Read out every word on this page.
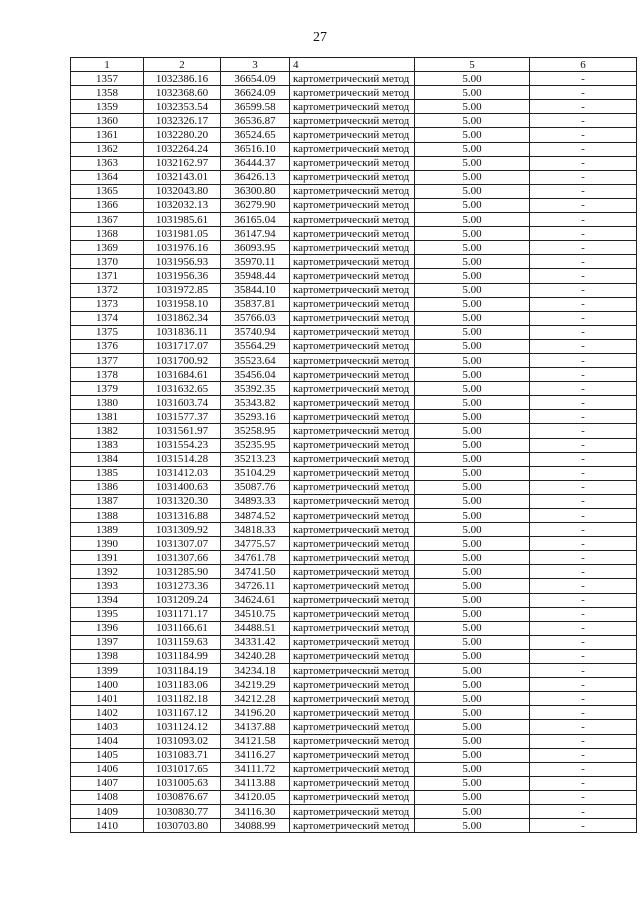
27
1	2	3	4	5	6
1357	1032386.16	36654.09	картометрический метод	5.00	-
1358	1032368.60	36624.09	картометрический метод	5.00	-
1359	1032353.54	36599.58	картометрический метод	5.00	-
1360	1032326.17	36536.87	картометрический метод	5.00	-
1361	1032280.20	36524.65	картометрический метод	5.00	-
1362	1032264.24	36516.10	картометрический метод	5.00	-
1363	1032162.97	36444.37	картометрический метод	5.00	-
1364	1032143.01	36426.13	картометрический метод	5.00	-
1365	1032043.80	36300.80	картометрический метод	5.00	-
1366	1032032.13	36279.90	картометрический метод	5.00	-
1367	1031985.61	36165.04	картометрический метод	5.00	-
1368	1031981.05	36147.94	картометрический метод	5.00	-
1369	1031976.16	36093.95	картометрический метод	5.00	-
1370	1031956.93	35970.11	картометрический метод	5.00	-
1371	1031956.36	35948.44	картометрический метод	5.00	-
1372	1031972.85	35844.10	картометрический метод	5.00	-
1373	1031958.10	35837.81	картометрический метод	5.00	-
1374	1031862.34	35766.03	картометрический метод	5.00	-
1375	1031836.11	35740.94	картометрический метод	5.00	-
1376	1031717.07	35564.29	картометрический метод	5.00	-
1377	1031700.92	35523.64	картометрический метод	5.00	-
1378	1031684.61	35456.04	картометрический метод	5.00	-
1379	1031632.65	35392.35	картометрический метод	5.00	-
1380	1031603.74	35343.82	картометрический метод	5.00	-
1381	1031577.37	35293.16	картометрический метод	5.00	-
1382	1031561.97	35258.95	картометрический метод	5.00	-
1383	1031554.23	35235.95	картометрический метод	5.00	-
1384	1031514.28	35213.23	картометрический метод	5.00	-
1385	1031412.03	35104.29	картометрический метод	5.00	-
1386	1031400.63	35087.76	картометрический метод	5.00	-
1387	1031320.30	34893.33	картометрический метод	5.00	-
1388	1031316.88	34874.52	картометрический метод	5.00	-
1389	1031309.92	34818.33	картометрический метод	5.00	-
1390	1031307.07	34775.57	картометрический метод	5.00	-
1391	1031307.66	34761.78	картометрический метод	5.00	-
1392	1031285.90	34741.50	картометрический метод	5.00	-
1393	1031273.36	34726.11	картометрический метод	5.00	-
1394	1031209.24	34624.61	картометрический метод	5.00	-
1395	1031171.17	34510.75	картометрический метод	5.00	-
1396	1031166.61	34488.51	картометрический метод	5.00	-
1397	1031159.63	34331.42	картометрический метод	5.00	-
1398	1031184.99	34240.28	картометрический метод	5.00	-
1399	1031184.19	34234.18	картометрический метод	5.00	-
1400	1031183.06	34219.29	картометрический метод	5.00	-
1401	1031182.18	34212.28	картометрический метод	5.00	-
1402	1031167.12	34196.20	картометрический метод	5.00	-
1403	1031124.12	34137.88	картометрический метод	5.00	-
1404	1031093.02	34121.58	картометрический метод	5.00	-
1405	1031083.71	34116.27	картометрический метод	5.00	-
1406	1031017.65	34111.72	картометрический метод	5.00	-
1407	1031005.63	34113.88	картометрический метод	5.00	-
1408	1030876.67	34120.05	картометрический метод	5.00	-
1409	1030830.77	34116.30	картометрический метод	5.00	-
1410	1030703.80	34088.99	картометрический метод	5.00	-
